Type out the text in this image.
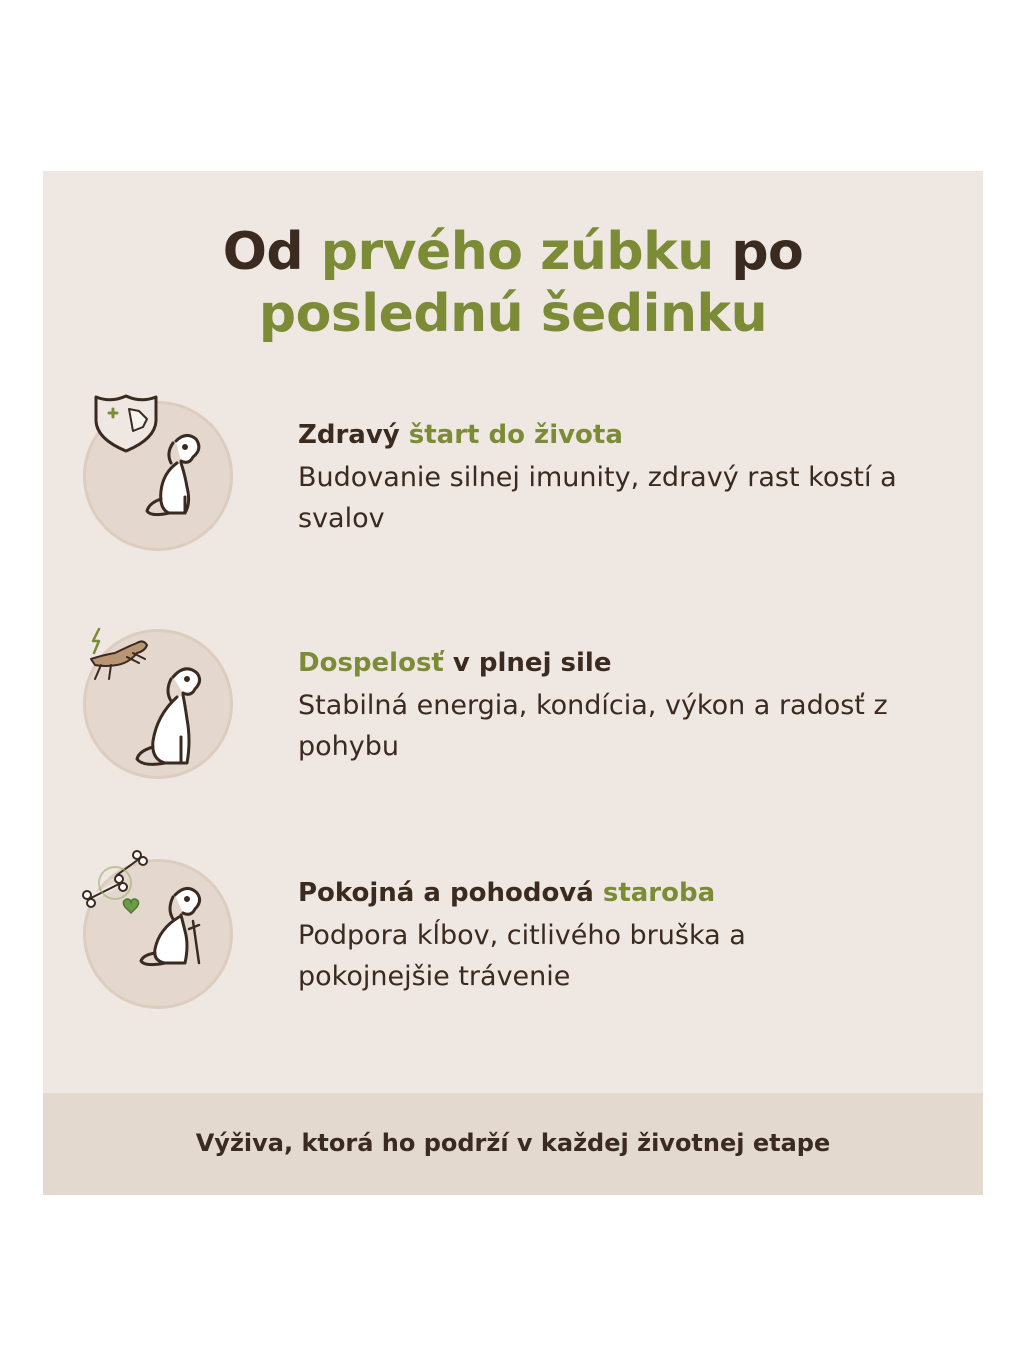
Od prvého zúbku po
poslednú šedinku
Zdravý štart do života
Budovanie silnej imunity, zdravý rast kostí a svalov
Dospelosť v plnej sile
Stabilná energia, kondícia, výkon a radosť z pohybu
Pokojná a pohodová staroba
Podpora kĺbov, citlivého bruška a pokojnejšie trávenie
Výživa, ktorá ho podrží v každej životnej etape
